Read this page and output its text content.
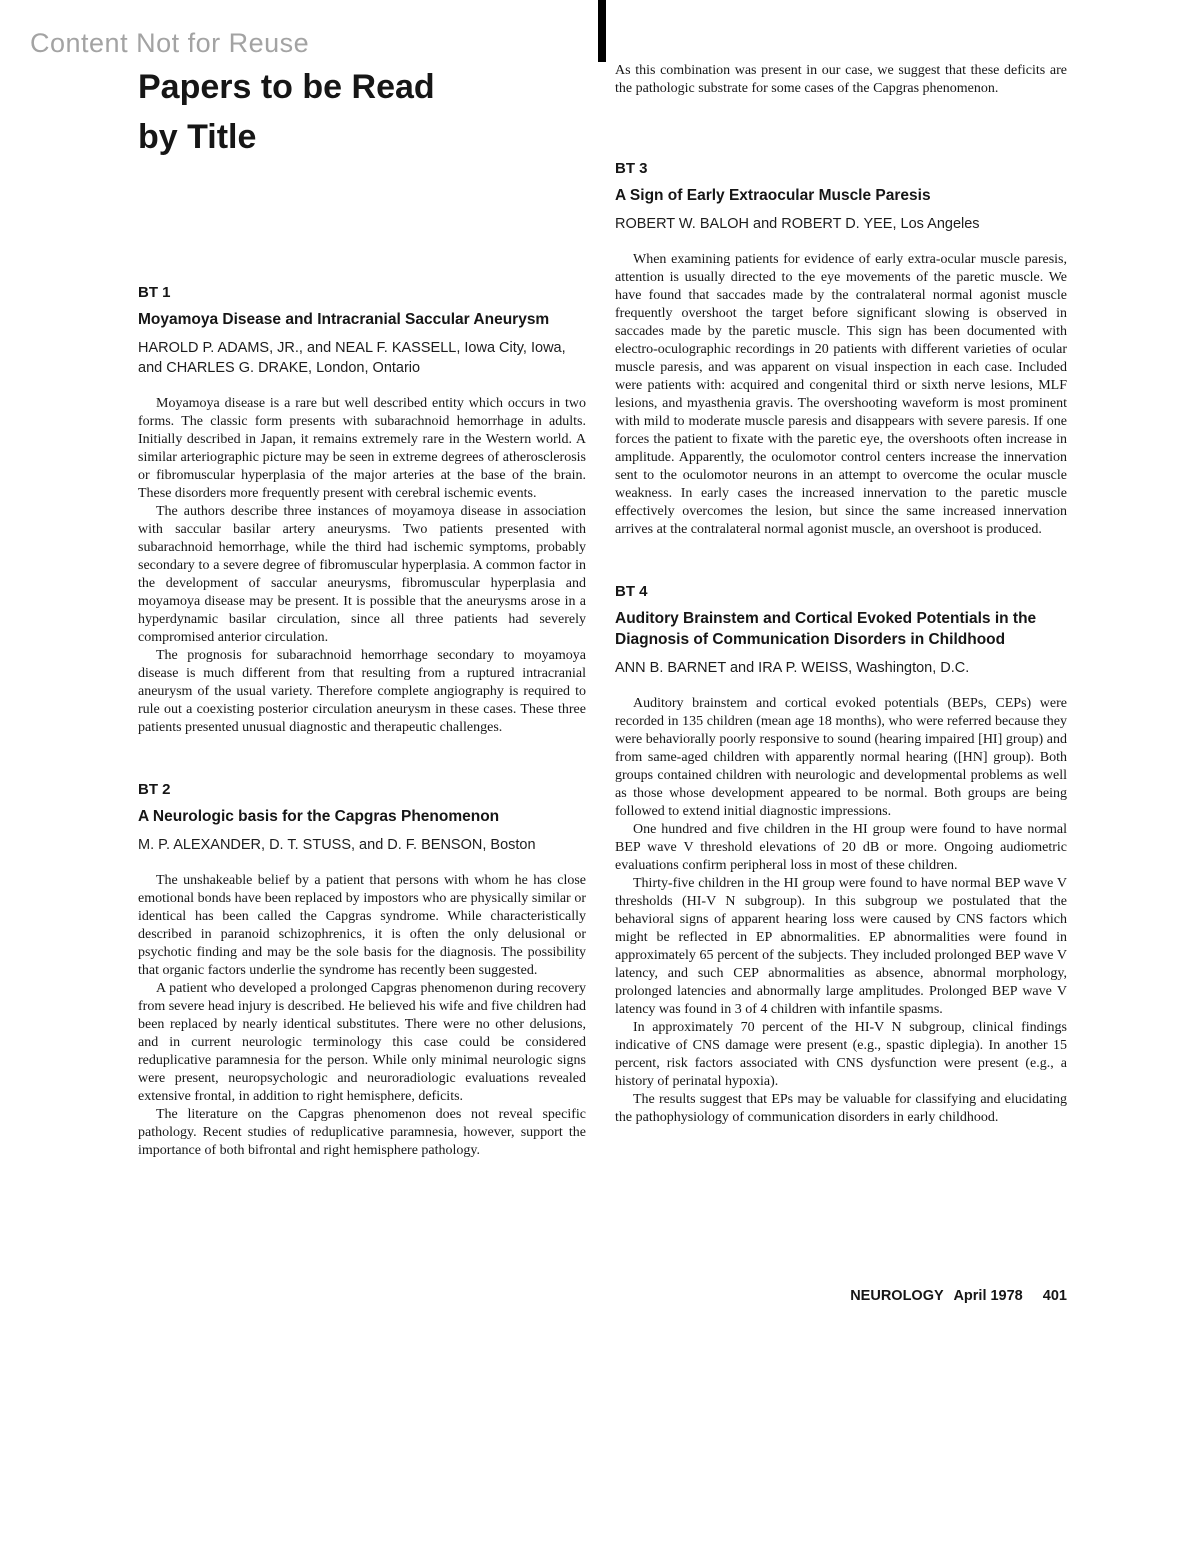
Content Not for Reuse
Papers to be Read
by Title
BT 1
Moyamoya Disease and Intracranial Saccular Aneurysm
HAROLD P. ADAMS, JR., and NEAL F. KASSELL, Iowa City, Iowa, and CHARLES G. DRAKE, London, Ontario

Moyamoya disease is a rare but well described entity which occurs in two forms. The classic form presents with subarachnoid hemorrhage in adults. Initially described in Japan, it remains extremely rare in the Western world. A similar arteriographic picture may be seen in extreme degrees of atherosclerosis or fibromuscular hyperplasia of the major arteries at the base of the brain. These disorders more frequently present with cerebral ischemic events.

The authors describe three instances of moyamoya disease in association with saccular basilar artery aneurysms. Two patients presented with subarachnoid hemorrhage, while the third had ischemic symptoms, probably secondary to a severe degree of fibromuscular hyperplasia. A common factor in the development of saccular aneurysms, fibromuscular hyperplasia and moyamoya disease may be present. It is possible that the aneurysms arose in a hyperdynamic basilar circulation, since all three patients had severely compromised anterior circulation.

The prognosis for subarachnoid hemorrhage secondary to moyamoya disease is much different from that resulting from a ruptured intracranial aneurysm of the usual variety. Therefore complete angiography is required to rule out a coexisting posterior circulation aneurysm in these cases. These three patients presented unusual diagnostic and therapeutic challenges.

BT 2
A Neurologic basis for the Capgras Phenomenon
M. P. ALEXANDER, D. T. STUSS, and D. F. BENSON, Boston

The unshakeable belief by a patient that persons with whom he has close emotional bonds have been replaced by impostors who are physically similar or identical has been called the Capgras syndrome. While characteristically described in paranoid schizophrenics, it is often the only delusional or psychotic finding and may be the sole basis for the diagnosis. The possibility that organic factors underlie the syndrome has recently been suggested.

A patient who developed a prolonged Capgras phenomenon during recovery from severe head injury is described. He believed his wife and five children had been replaced by nearly identical substitutes. There were no other delusions, and in current neurologic terminology this case could be considered reduplicative paramnesia for the person. While only minimal neurologic signs were present, neuropsychologic and neuroradiologic evaluations revealed extensive frontal, in addition to right hemisphere, deficits.

The literature on the Capgras phenomenon does not reveal specific pathology. Recent studies of reduplicative paramnesia, however, support the importance of both bifrontal and right hemisphere pathology.

As this combination was present in our case, we suggest that these deficits are the pathologic substrate for some cases of the Capgras phenomenon.

BT 3
A Sign of Early Extraocular Muscle Paresis
ROBERT W. BALOH and ROBERT D. YEE, Los Angeles

When examining patients for evidence of early extra-ocular muscle paresis, attention is usually directed to the eye movements of the paretic muscle. We have found that saccades made by the contralateral normal agonist muscle frequently overshoot the target before significant slowing is observed in saccades made by the paretic muscle. This sign has been documented with electro-oculographic recordings in 20 patients with different varieties of ocular muscle paresis, and was apparent on visual inspection in each case. Included were patients with: acquired and congenital third or sixth nerve lesions, MLF lesions, and myasthenia gravis. The overshooting waveform is most prominent with mild to moderate muscle paresis and disappears with severe paresis. If one forces the patient to fixate with the paretic eye, the overshoots often increase in amplitude. Apparently, the oculomotor control centers increase the innervation sent to the oculomotor neurons in an attempt to overcome the ocular muscle weakness. In early cases the increased innervation to the paretic muscle effectively overcomes the lesion, but since the same increased innervation arrives at the contralateral normal agonist muscle, an overshoot is produced.

BT 4
Auditory Brainstem and Cortical Evoked Potentials in the Diagnosis of Communication Disorders in Childhood
ANN B. BARNET and IRA P. WEISS, Washington, D.C.

Auditory brainstem and cortical evoked potentials (BEPs, CEPs) were recorded in 135 children (mean age 18 months), who were referred because they were behaviorally poorly responsive to sound (hearing impaired [HI] group) and from same-aged children with apparently normal hearing ([HN] group). Both groups contained children with neurologic and developmental problems as well as those whose development appeared to be normal. Both groups are being followed to extend initial diagnostic impressions.

One hundred and five children in the HI group were found to have normal BEP wave V threshold elevations of 20 dB or more. Ongoing audiometric evaluations confirm peripheral loss in most of these children.

Thirty-five children in the HI group were found to have normal BEP wave V thresholds (HI-V N subgroup). In this subgroup we postulated that the behavioral signs of apparent hearing loss were caused by CNS factors which might be reflected in EP abnormalities. EP abnormalities were found in approximately 65 percent of the subjects. They included prolonged BEP wave V latency, and such CEP abnormalities as absence, abnormal morphology, prolonged latencies and abnormally large amplitudes. Prolonged BEP wave V latency was found in 3 of 4 children with infantile spasms.

In approximately 70 percent of the HI-V N subgroup, clinical findings indicative of CNS damage were present (e.g., spastic diplegia). In another 15 percent, risk factors associated with CNS dysfunction were present (e.g., a history of perinatal hypoxia).

The results suggest that EPs may be valuable for classifying and elucidating the pathophysiology of communication disorders in early childhood.

NEUROLOGY April 1978 401
